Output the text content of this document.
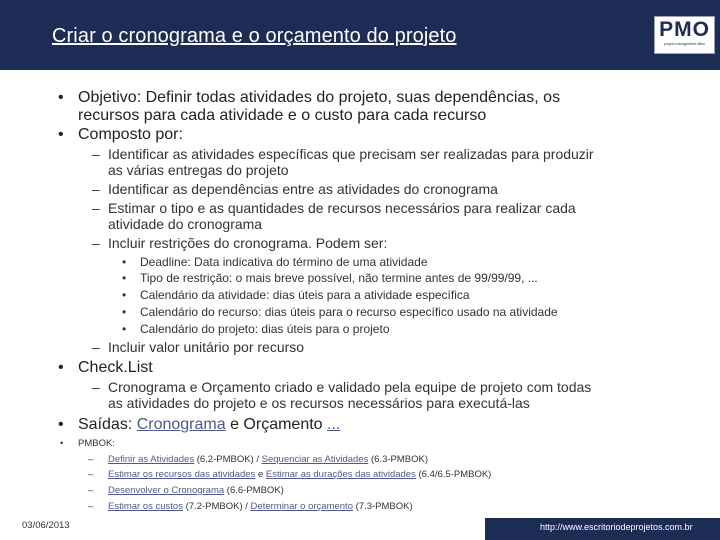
Criar o cronograma e o orçamento do projeto	PMO
project management office
• Objetivo: Definir todas atividades do projeto, suas dependências, os
recursos para cada atividade e o custo para cada recurso
• Composto por:
– Identificar as atividades específicas que precisam ser realizadas para produzir
as várias entregas do projeto
– Identificar as dependências entre as atividades do cronograma
– Estimar o tipo e as quantidades de recursos necessários para realizar cada
atividade do cronograma
– Incluir restrições do cronograma. Podem ser:
• Deadline: Data indicativa do término de uma atividade
• Tipo de restrição: o mais breve possível, não termine antes de 99/99/99, ...
• Calendário da atividade: dias úteis para a atividade específica
• Calendário do recurso: dias úteis para o recurso específico usado na atividade
• Calendário do projeto: dias úteis para o projeto
– Incluir valor unitário por recurso
• Check.List
– Cronograma e Orçamento criado e validado pela equipe de projeto com todas
as atividades do projeto e os recursos necessários para executá-las
• Saídas: Cronograma e Orçamento ...
• PMBOK:
– Definir as Atividades (6.2-PMBOK) / Sequenciar as Atividades (6.3-PMBOK)
– Estimar os recursos das atividades e Estimar as durações das atividades (6.4/6.5-PMBOK)
– Desenvolver o Cronograma (6.6-PMBOK)
– Estimar os custos (7.2-PMBOK) / Determinar o orçamento (7.3-PMBOK)
03/06/2013	http://www.escritoriodeprojetos.com.br
